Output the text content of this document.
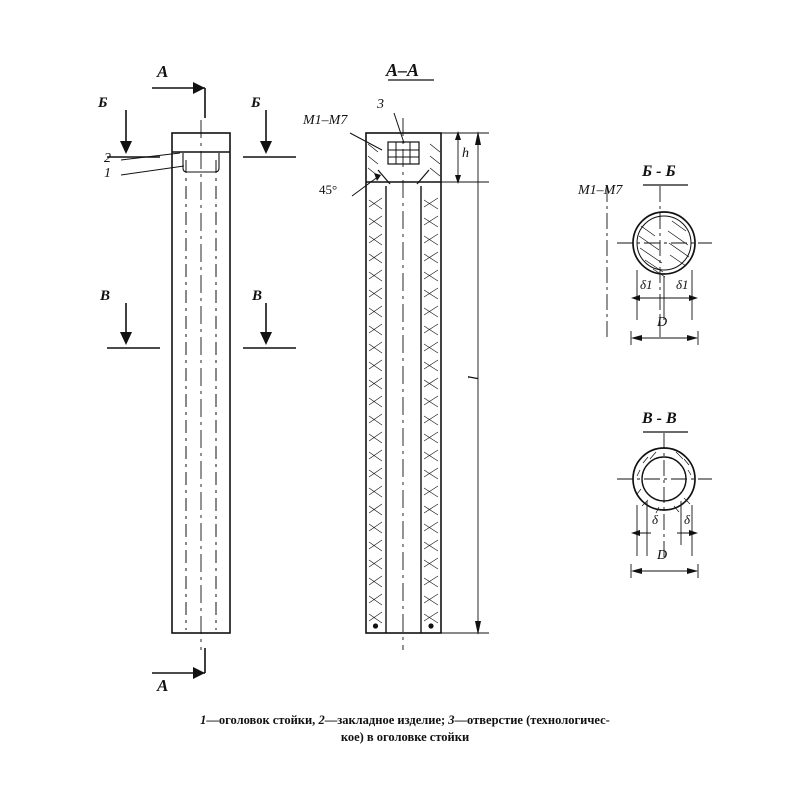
А
А
Б	Б
В	В
2
1
А–А
3
М1–М7
45°
h
l
Б - Б
М1–М7
δ1 δ1
D
В - В
δ δ
D
1—оголовок стойки, 2—закладное изделие; 3—отверстие (технологичес-
кое) в оголовке стойки
